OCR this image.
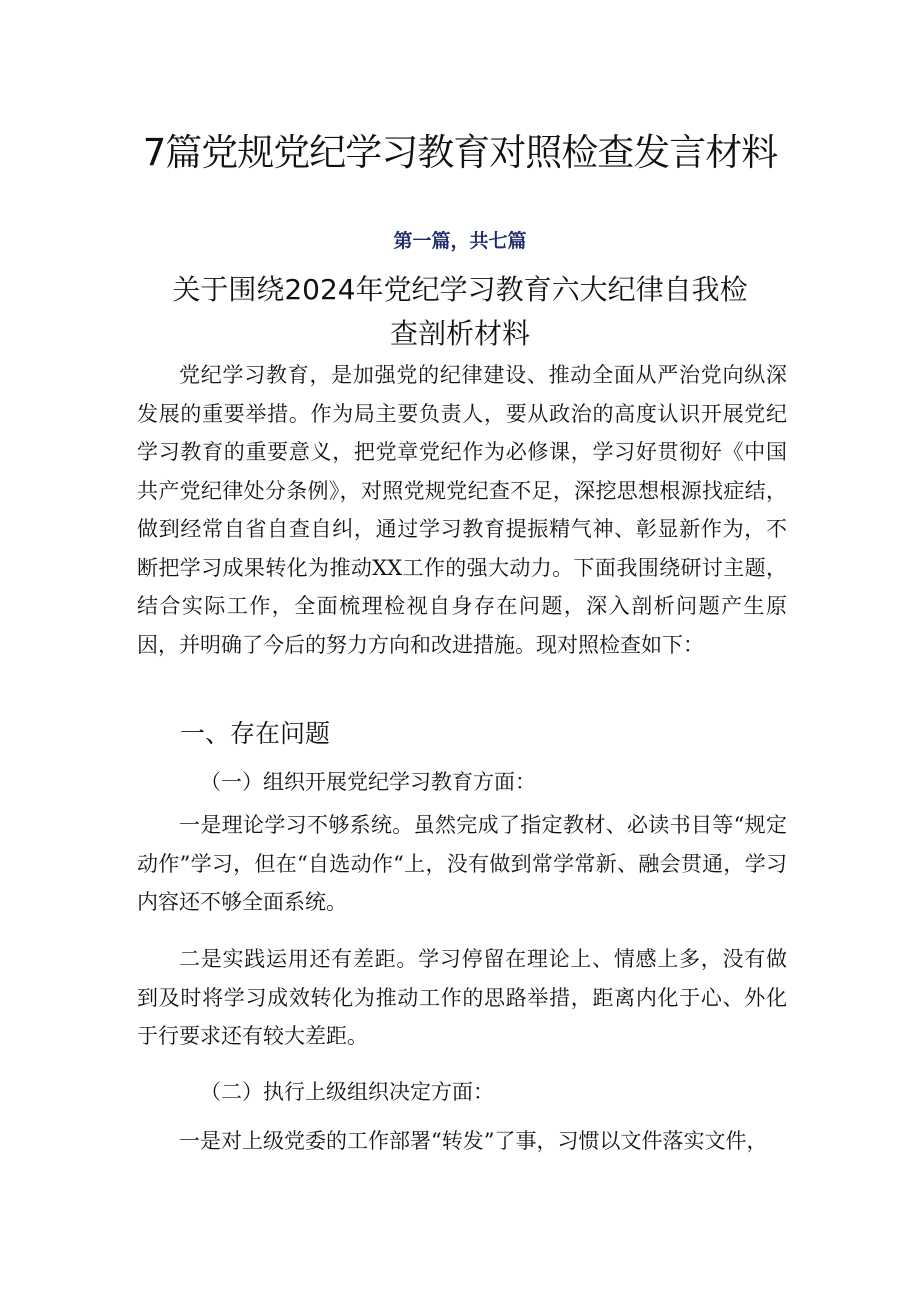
7篇党规党纪学习教育对照检查发言材料
第一篇，共七篇
关于围绕2024年党纪学习教育六大纪律自我检查剖析材料

党纪学习教育，是加强党的纪律建设、推动全面从严治党向纵深发展的重要举措。作为局主要负责人，要从政治的高度认识开展党纪学习教育的重要意义，把党章党纪作为必修课，学习好贯彻好《中国共产党纪律处分条例》，对照党规党纪查不足，深挖思想根源找症结，做到经常自省自查自纠，通过学习教育提振精气神、彰显新作为，不断把学习成果转化为推动XX工作的强大动力。下面我围绕研讨主题，结合实际工作，全面梳理检视自身存在问题，深入剖析问题产生原因，并明确了今后的努力方向和改进措施。现对照检查如下：

一、存在问题
（一）组织开展党纪学习教育方面：

一是理论学习不够系统。虽然完成了指定教材、必读书目等“规定动作”学习，但在“自选动作“上，没有做到常学常新、融会贯通，学习内容还不够全面系统。

二是实践运用还有差距。学习停留在理论上、情感上多，没有做到及时将学习成效转化为推动工作的思路举措，距离内化于心、外化于行要求还有较大差距。

（二）执行上级组织决定方面：

一是对上级党委的工作部署“转发”了事，习惯以文件落实文件，
